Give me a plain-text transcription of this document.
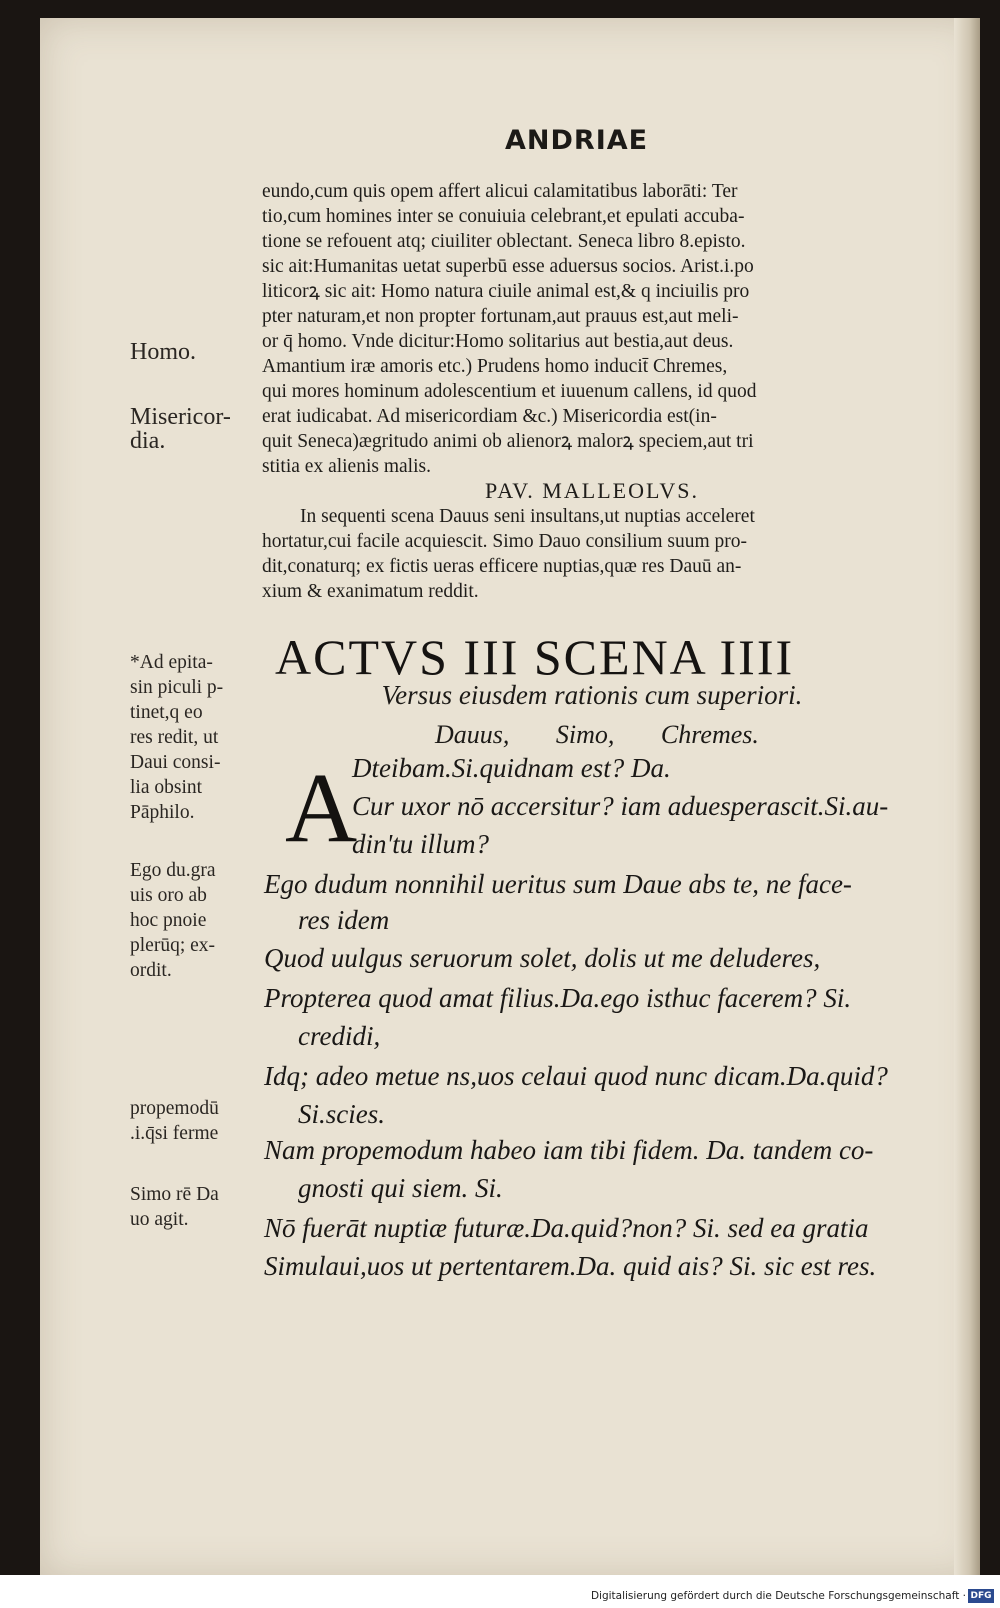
ANDRIAE
eundo,cum quis opem affert alicui calamitatibus laborāti: Ter
tio,cum homines inter se conuiuia celebrant,et epulati accuba-
tione se refouent atq; ciuiliter oblectant. Seneca libro 8.episto.
sic ait:Humanitas uetat superbū esse aduersus socios. Arist.i.po
liticorꝝ sic ait: Homo natura ciuile animal est,& q inciuilis pro
pter naturam,et non propter fortunam,aut prauus est,aut meli-
or q̄ homo. Vnde dicitur:Homo solitarius aut bestia,aut deus.
Amantium iræ amoris etc.) Prudens homo inducit̄ Chremes,
qui mores hominum adolescentium et iuuenum callens, id quod
erat iudicabat. Ad misericordiam &c.) Misericordia est(in-
quit Seneca)ægritudo animi ob alienorꝝ malorꝝ speciem,aut tri
stitia ex alienis malis.
PAV. MALLEOLVS.
In sequenti scena Dauus seni insultans,ut nuptias acceleret
hortatur,cui facile acquiescit. Simo Dauo consilium suum pro-
dit,conaturq; ex fictis ueras efficere nuptias,quæ res Dauū an-
xium & exanimatum reddit.
ACTVS III SCENA IIII
Versus eiusdem rationis cum superiori.
Dauus, Simo, Chremes.
A
Dteibam.Si.quidnam est? Da.
Cur uxor nō accersitur? iam aduesperascit.Si.au-
din'tu illum?
Ego dudum nonnihil ueritus sum Daue abs te, ne face-
res idem
Quod uulgus seruorum solet, dolis ut me deluderes,
Propterea quod amat filius.Da.ego isthuc facerem? Si.
credidi,
Idq; adeo metue ns,uos celaui quod nunc dicam.Da.quid?
Si.scies.
Nam propemodum habeo iam tibi fidem. Da. tandem co-
gnosti qui siem. Si.
Nō fuerāt nuptiæ futuræ.Da.quid?non? Si. sed ea gratia
Simulaui,uos ut pertentarem.Da. quid ais? Si. sic est res.
Homo.
Misericor-
dia.
*Ad epita-
sin piculi p-
tinet,q eo
res redit, ut
Daui consi-
lia obsint
Pāphilo.
Ego du.gra
uis oro ab
hoc pnoie
plerūq; ex-
ordit.
propemodū
.i.q̄si ferme
Simo rē Da
uo agit.
Digitalisierung gefördert durch die Deutsche Forschungsgemeinschaft · DFG
